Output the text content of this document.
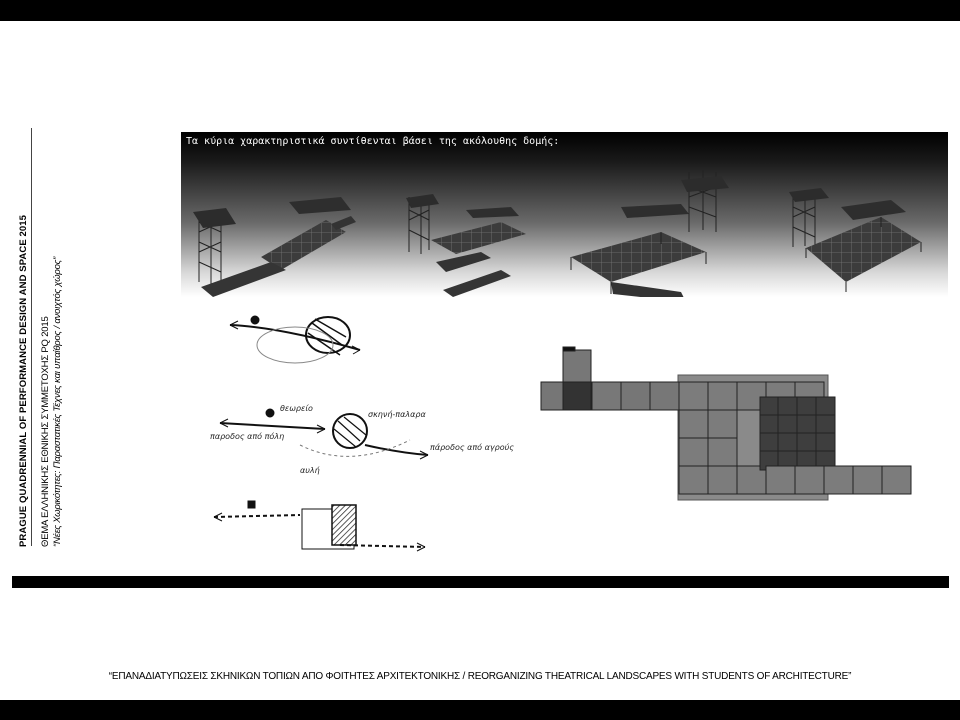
PRAGUE QUADRENNIAL OF PERFORMANCE DESIGN AND SPACE 2015 ΘΕΜΑ ΕΛΛΗΝΙΚΗΣ ΕΘΝΙΚΗΣ ΣΥΜΜΕΤΟΧΗΣ PQ 2015 “Νέες Χωρικότητες: Παραστατικές Τέχνες και υπαίθρος / ανοιχτός χώρος”
Τα κύρια χαρακτηριστικά συντίθενται βάσει της ακόλουθης δομής:
θεωρείο
σκηνή-παλαρα
παροδος από πόλη
πάροδος από αγρούς
αυλή
“ΕΠΑΝΑΔΙΑΤΥΠΩΣΕΙΣ ΣΚΗΝΙΚΩΝ ΤΟΠΙΩΝ ΑΠΟ ΦΟΙΤΗΤΕΣ ΑΡΧΙΤΕΚΤΟΝΙΚΗΣ / REORGANIZING THEATRICAL LANDSCAPES WITH STUDENTS OF ARCHITECTURE”
